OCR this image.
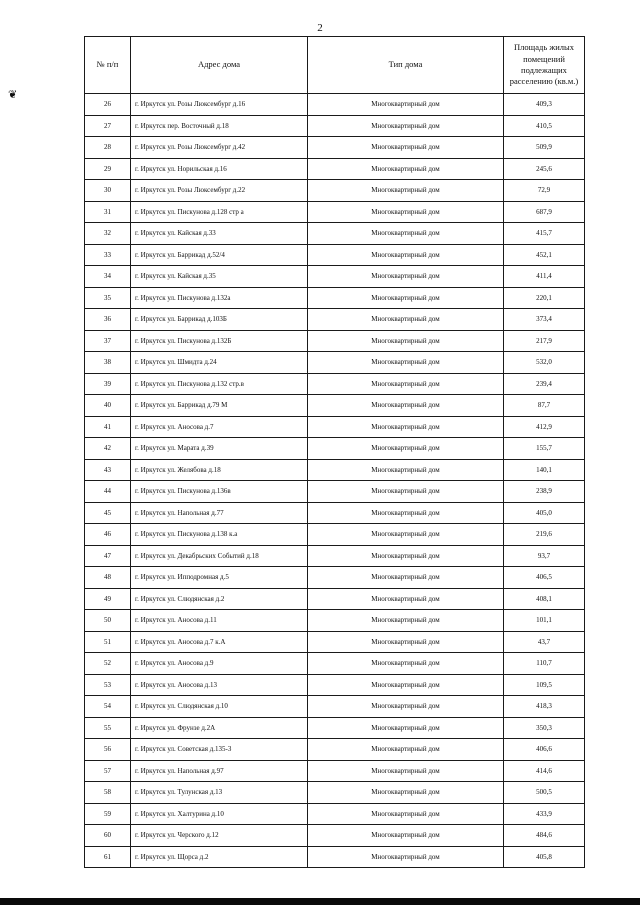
2
❦
№ п/п	Адрес дома	Тип дома	Площадь жилых помещений подлежащих расселению (кв.м.)
26	г. Иркутск ул. Розы Люксембург д.16	Многоквартирный дом	409,3
27	г. Иркутск пер. Восточный д.18	Многоквартирный дом	410,5
28	г. Иркутск ул. Розы Люксембург д.42	Многоквартирный дом	509,9
29	г. Иркутск ул. Норильская д.16	Многоквартирный дом	245,6
30	г. Иркутск ул. Розы Люксембург д.22	Многоквартирный дом	72,9
31	г. Иркутск ул. Пискунова д.128 стр а	Многоквартирный дом	687,9
32	г. Иркутск ул. Кайская д.33	Многоквартирный дом	415,7
33	г. Иркутск ул. Баррикад д.52/4	Многоквартирный дом	452,1
34	г. Иркутск ул. Кайская д.35	Многоквартирный дом	411,4
35	г. Иркутск ул. Пискунова д.132а	Многоквартирный дом	220,1
36	г. Иркутск ул. Баррикад д.103Б	Многоквартирный дом	373,4
37	г. Иркутск ул. Пискунова д.132Б	Многоквартирный дом	217,9
38	г. Иркутск ул. Шмидта д.24	Многоквартирный дом	532,0
39	г. Иркутск ул. Пискунова д.132 стр.в	Многоквартирный дом	239,4
40	г. Иркутск ул. Баррикад д.79 М	Многоквартирный дом	87,7
41	г. Иркутск ул. Аносова д.7	Многоквартирный дом	412,9
42	г. Иркутск ул. Марата д.39	Многоквартирный дом	155,7
43	г. Иркутск ул. Желябова д.18	Многоквартирный дом	140,1
44	г. Иркутск ул. Пискунова д.136в	Многоквартирный дом	238,9
45	г. Иркутск ул. Напольная д.77	Многоквартирный дом	405,0
46	г. Иркутск ул. Пискунова д.138 к.а	Многоквартирный дом	219,6
47	г. Иркутск ул. Декабрьских Событий д.18	Многоквартирный дом	93,7
48	г. Иркутск ул. Ипподромная д.5	Многоквартирный дом	406,5
49	г. Иркутск ул. Слюдянская д.2	Многоквартирный дом	408,1
50	г. Иркутск ул. Аносова д.11	Многоквартирный дом	101,1
51	г. Иркутск ул. Аносова д.7 к.А	Многоквартирный дом	43,7
52	г. Иркутск ул. Аносова д.9	Многоквартирный дом	110,7
53	г. Иркутск ул. Аносова д.13	Многоквартирный дом	109,5
54	г. Иркутск ул. Слюдянская д.10	Многоквартирный дом	418,3
55	г. Иркутск ул. Фрунзе д.2А	Многоквартирный дом	350,3
56	г. Иркутск ул. Советская д.135-3	Многоквартирный дом	406,6
57	г. Иркутск ул. Напольная д.97	Многоквартирный дом	414,6
58	г. Иркутск ул. Тулунская д.13	Многоквартирный дом	500,5
59	г. Иркутск ул. Халтурина д.10	Многоквартирный дом	433,9
60	г. Иркутск ул. Черского д.12	Многоквартирный дом	484,6
61	г. Иркутск ул. Щорса д.2	Многоквартирный дом	405,8
